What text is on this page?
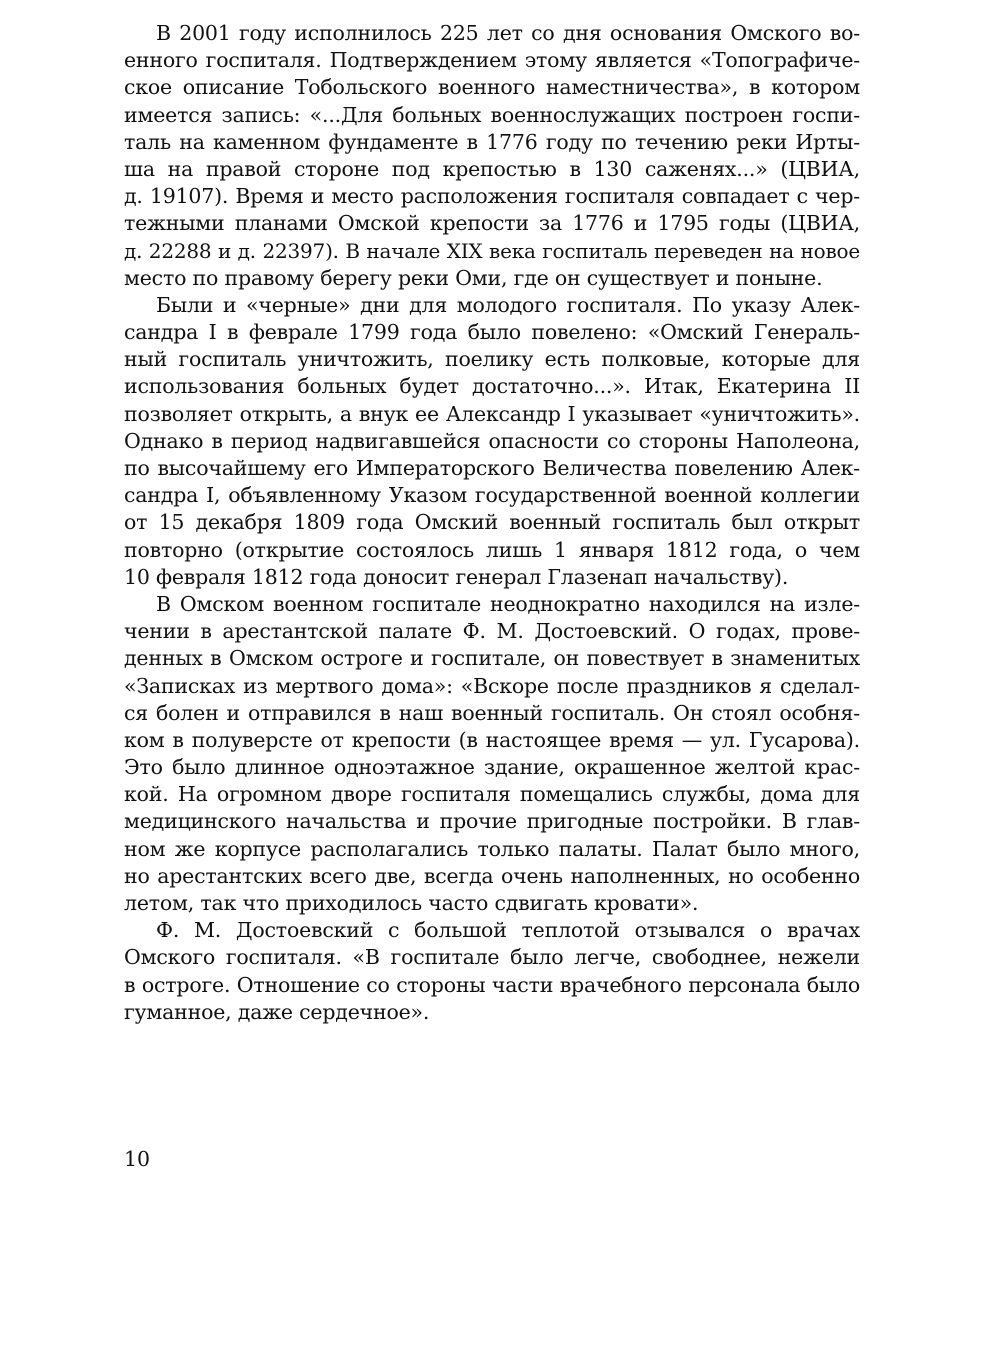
В 2001 году исполнилось 225 лет со дня основания Омского во-
енного госпиталя. Подтверждением этому является «Топографиче-
ское описание Тобольского военного наместничества», в котором
имеется запись: «...Для больных военнослужащих построен госпи-
таль на каменном фундаменте в 1776 году по течению реки Ирты-
ша на правой стороне под крепостью в 130 саженях...» (ЦВИА,
д. 19107). Время и место расположения госпиталя совпадает с чер-
тежными планами Омской крепости за 1776 и 1795 годы (ЦВИА,
д. 22288 и д. 22397). В начале XIX века госпиталь переведен на новое
место по правому берегу реки Оми, где он существует и поныне.
Были и «черные» дни для молодого госпиталя. По указу Алек-
сандра I в феврале 1799 года было повелено: «Омский Генераль-
ный госпиталь уничтожить, поелику есть полковые, которые для
использования больных будет достаточно...». Итак, Екатерина II
позволяет открыть, а внук ее Александр I указывает «уничтожить».
Однако в период надвигавшейся опасности со стороны Наполеона,
по высочайшему его Императорского Величества повелению Алек-
сандра I, объявленному Указом государственной военной коллегии
от 15 декабря 1809 года Омский военный госпиталь был открыт
повторно (открытие состоялось лишь 1 января 1812 года, о чем
10 февраля 1812 года доносит генерал Глазенап начальству).
В Омском военном госпитале неоднократно находился на изле-
чении в арестантской палате Ф. М. Достоевский. О годах, прове-
денных в Омском остроге и госпитале, он повествует в знаменитых
«Записках из мертвого дома»: «Вскоре после праздников я сделал-
ся болен и отправился в наш военный госпиталь. Он стоял особня-
ком в полуверсте от крепости (в настоящее время — ул. Гусарова).
Это было длинное одноэтажное здание, окрашенное желтой крас-
кой. На огромном дворе госпиталя помещались службы, дома для
медицинского начальства и прочие пригодные постройки. В глав-
ном же корпусе располагались только палаты. Палат было много,
но арестантских всего две, всегда очень наполненных, но особенно
летом, так что приходилось часто сдвигать кровати».
Ф. М. Достоевский с большой теплотой отзывался о врачах
Омского госпиталя. «В госпитале было легче, свободнее, нежели
в остроге. Отношение со стороны части врачебного персонала было
гуманное, даже сердечное».
10
